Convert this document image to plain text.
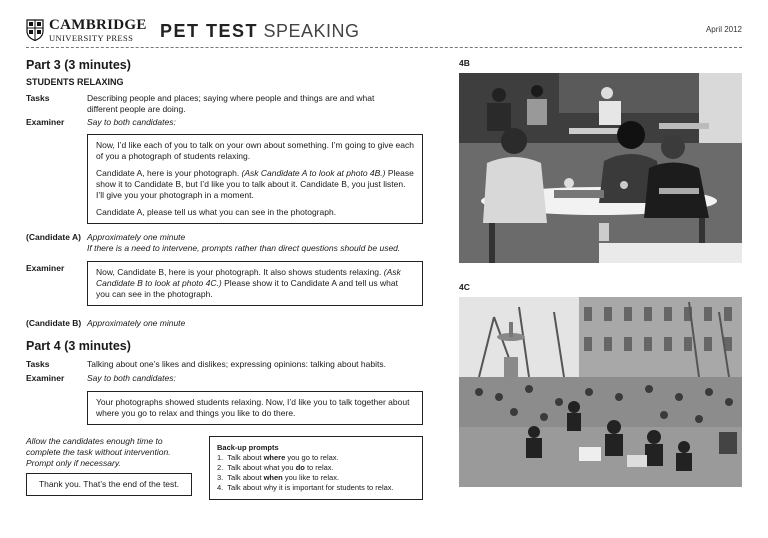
CAMBRIDGE
UNIVERSITY PRESS	PET TEST SPEAKING	April 2012
Part 3 (3 minutes)
STUDENTS RELAXING
Tasks	Describing people and places; saying where people and things are and what different people are doing.
Examiner	Say to both candidates:

Now, I’d like each of you to talk on your own about something. I’m going to give each of you a photograph of students relaxing.

Candidate A, here is your photograph. (Ask Candidate A to look at photo 4B.) Please show it to Candidate B, but I’d like you to talk about it. Candidate B, you just listen. I’ll give you your photograph in a moment.

Candidate A, please tell us what you can see in the photograph.

(Candidate A) Approximately one minute
If there is a need to intervene, prompts rather than direct questions should be used.
Examiner	Now, Candidate B, here is your photograph. It also shows students relaxing. (Ask Candidate B to look at photo 4C.) Please show it to Candidate A and tell us what you can see in the photograph.
(Candidate B) Approximately one minute
Part 4 (3 minutes)
Tasks	Talking about one’s likes and dislikes; expressing opinions: talking about habits.
Examiner	Say to both candidates:
Your photographs showed students relaxing. Now, I’d like you to talk together about where you go to relax and things you like to do there.
Allow the candidates enough time to complete the task without intervention. Prompt only if necessary.
Thank you. That’s the end of the test.
Back-up prompts
1.  Talk about where you go to relax.
2.  Talk about what you do to relax.
3.  Talk about when you like to relax.
4.  Talk about why it is important for students to relax.
4B
4C
